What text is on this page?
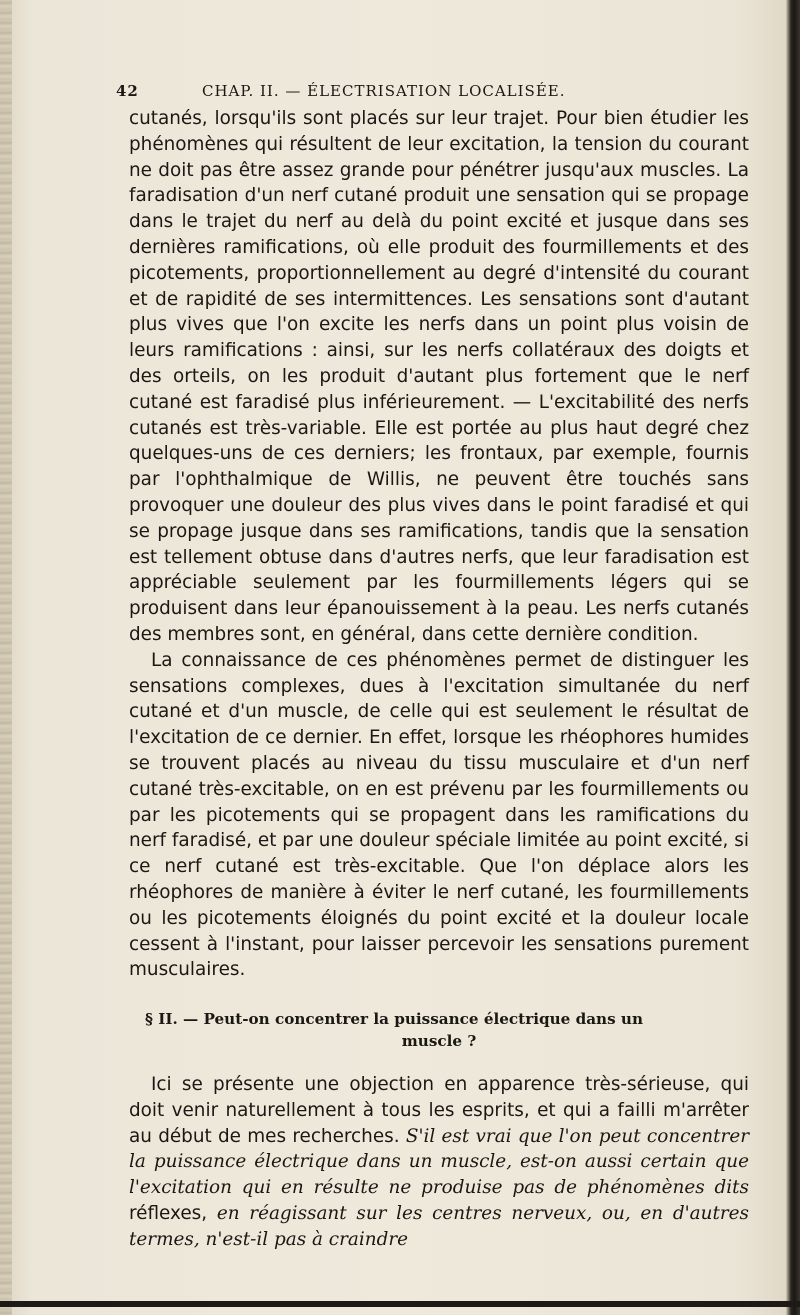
42	CHAP. II. — ÉLECTRISATION LOCALISÉE.

cutanés, lorsqu'ils sont placés sur leur trajet. Pour bien étudier les phénomènes qui résultent de leur excitation, la tension du courant ne doit pas être assez grande pour pénétrer jusqu'aux muscles. La faradisation d'un nerf cutané produit une sensation qui se propage dans le trajet du nerf au delà du point excité et jusque dans ses dernières ramifications, où elle produit des fourmillements et des picotements, proportionnellement au degré d'intensité du courant et de rapidité de ses intermittences. Les sensations sont d'autant plus vives que l'on excite les nerfs dans un point plus voisin de leurs ramifications : ainsi, sur les nerfs collatéraux des doigts et des orteils, on les produit d'autant plus fortement que le nerf cutané est faradisé plus inférieurement. — L'excitabilité des nerfs cutanés est très-variable. Elle est portée au plus haut degré chez quelques-uns de ces derniers; les frontaux, par exemple, fournis par l'ophthalmique de Willis, ne peuvent être touchés sans provoquer une douleur des plus vives dans le point faradisé et qui se propage jusque dans ses ramifications, tandis que la sensation est tellement obtuse dans d'autres nerfs, que leur faradisation est appréciable seulement par les fourmillements légers qui se produisent dans leur épanouissement à la peau. Les nerfs cutanés des membres sont, en général, dans cette dernière condition.

La connaissance de ces phénomènes permet de distinguer les sensations complexes, dues à l'excitation simultanée du nerf cutané et d'un muscle, de celle qui est seulement le résultat de l'excitation de ce dernier. En effet, lorsque les rhéophores humides se trouvent placés au niveau du tissu musculaire et d'un nerf cutané très-excitable, on en est prévenu par les fourmillements ou par les picotements qui se propagent dans les ramifications du nerf faradisé, et par une douleur spéciale limitée au point excité, si ce nerf cutané est très-excitable. Que l'on déplace alors les rhéophores de manière à éviter le nerf cutané, les fourmillements ou les picotements éloignés du point excité et la douleur locale cessent à l'instant, pour laisser percevoir les sensations purement musculaires.

§ II. — Peut-on concentrer la puissance électrique dans un
muscle ?

Ici se présente une objection en apparence très-sérieuse, qui doit venir naturellement à tous les esprits, et qui a failli m'arrêter au début de mes recherches. S'il est vrai que l'on peut concentrer la puissance électrique dans un muscle, est-on aussi certain que l'excitation qui en résulte ne produise pas de phénomènes dits réflexes, en réagissant sur les centres nerveux, ou, en d'autres termes, n'est-il pas à craindre
